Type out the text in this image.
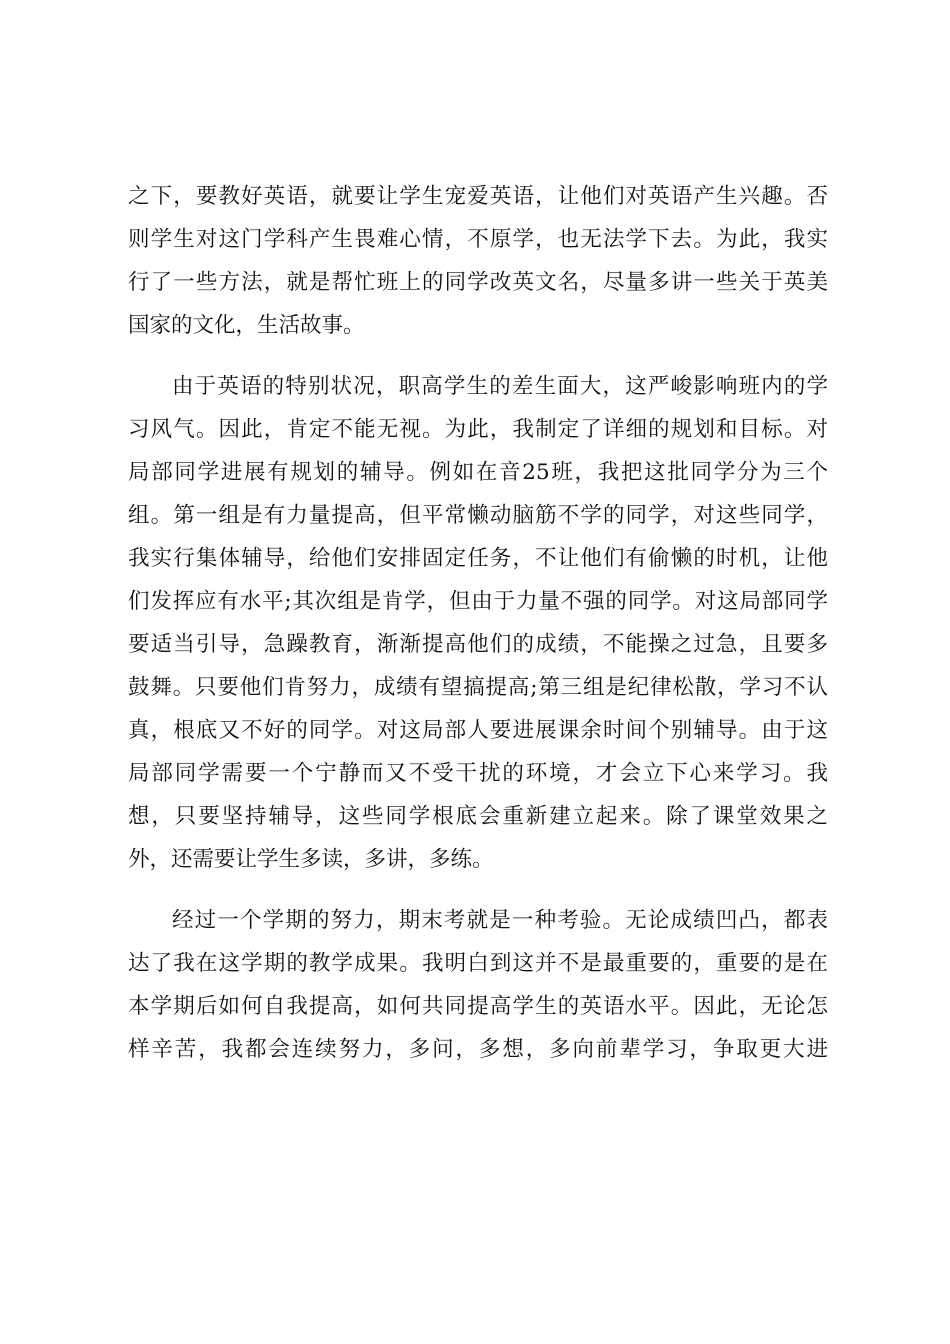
之下，要教好英语，就要让学生宠爱英语，让他们对英语产生兴趣。否
则学生对这门学科产生畏难心情，不原学，也无法学下去。为此，我实
行了一些方法，就是帮忙班上的同学改英文名，尽量多讲一些关于英美
国家的文化，生活故事。
由于英语的特别状况，职高学生的差生面大，这严峻影响班内的学
习风气。因此，肯定不能无视。为此，我制定了详细的规划和目标。对
局部同学进展有规划的辅导。例如在音25班，我把这批同学分为三个
组。第一组是有力量提高，但平常懒动脑筋不学的同学，对这些同学，
我实行集体辅导，给他们安排固定任务，不让他们有偷懒的时机，让他
们发挥应有水平;其次组是肯学，但由于力量不强的同学。对这局部同学
要适当引导，急躁教育，渐渐提高他们的成绩，不能操之过急，且要多
鼓舞。只要他们肯努力，成绩有望搞提高;第三组是纪律松散，学习不认
真，根底又不好的同学。对这局部人要进展课余时间个别辅导。由于这
局部同学需要一个宁静而又不受干扰的环境，才会立下心来学习。我
想，只要坚持辅导，这些同学根底会重新建立起来。除了课堂效果之
外，还需要让学生多读，多讲，多练。
经过一个学期的努力，期末考就是一种考验。无论成绩凹凸，都表
达了我在这学期的教学成果。我明白到这并不是最重要的，重要的是在
本学期后如何自我提高，如何共同提高学生的英语水平。因此，无论怎
样辛苦，我都会连续努力，多问，多想，多向前辈学习，争取更大进
